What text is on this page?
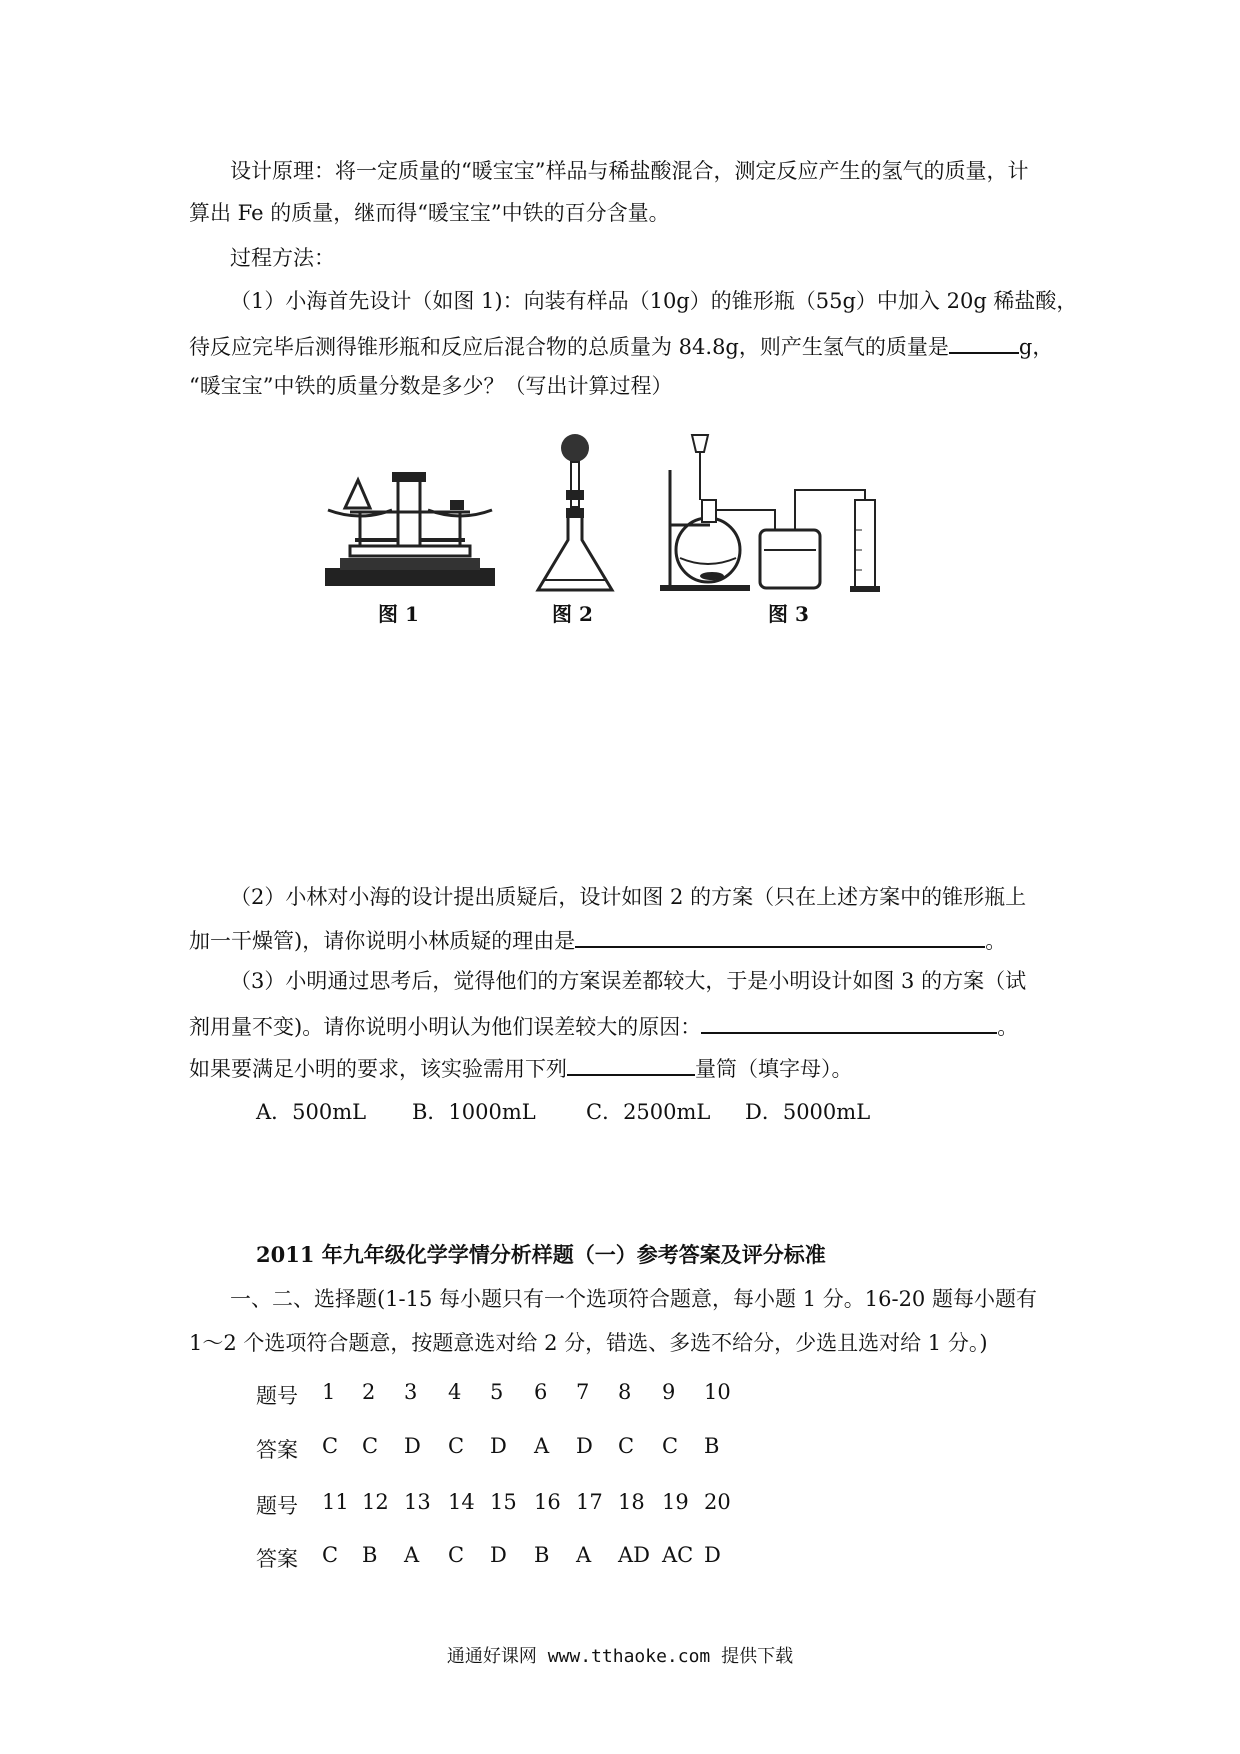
设计原理：将一定质量的“暖宝宝”样品与稀盐酸混合，测定反应产生的氢气的质量，计
算出 Fe 的质量，继而得“暖宝宝”中铁的百分含量。
过程方法：
（1）小海首先设计（如图 1)：向装有样品（10g）的锥形瓶（55g）中加入 20g 稀盐酸，
待反应完毕后测得锥形瓶和反应后混合物的总质量为 84.8g，则产生氢气的质量是	g，
“暖宝宝”中铁的质量分数是多少？（写出计算过程）
图 1	图 2	图 3
（2）小林对小海的设计提出质疑后，设计如图 2 的方案（只在上述方案中的锥形瓶上
加一干燥管)，请你说明小林质疑的理由是	。
（3）小明通过思考后，觉得他们的方案误差都较大，于是小明设计如图 3 的方案（试
剂用量不变)。请你说明小明认为他们误差较大的原因：	。
如果要满足小明的要求，该实验需用下列	量筒（填字母）。
A．500mL B．1000mL C．2500mL D．5000mL
2011 年九年级化学学情分析样题（一）参考答案及评分标准
一、二、选择题(1-15 每小题只有一个选项符合题意，每小题 1 分。16-20 题每小题有
1～2 个选项符合题意，按题意选对给 2 分，错选、多选不给分，少选且选对给 1 分。)
题号 1 2 3 4 5 6 7 8 9 10
答案 C C D C D A D C C B
题号 11 12 13 14 15 16 17 18 19 20
答案 C B A C D B A AD AC D
通通好课网 www.tthaoke.com 提供下载
